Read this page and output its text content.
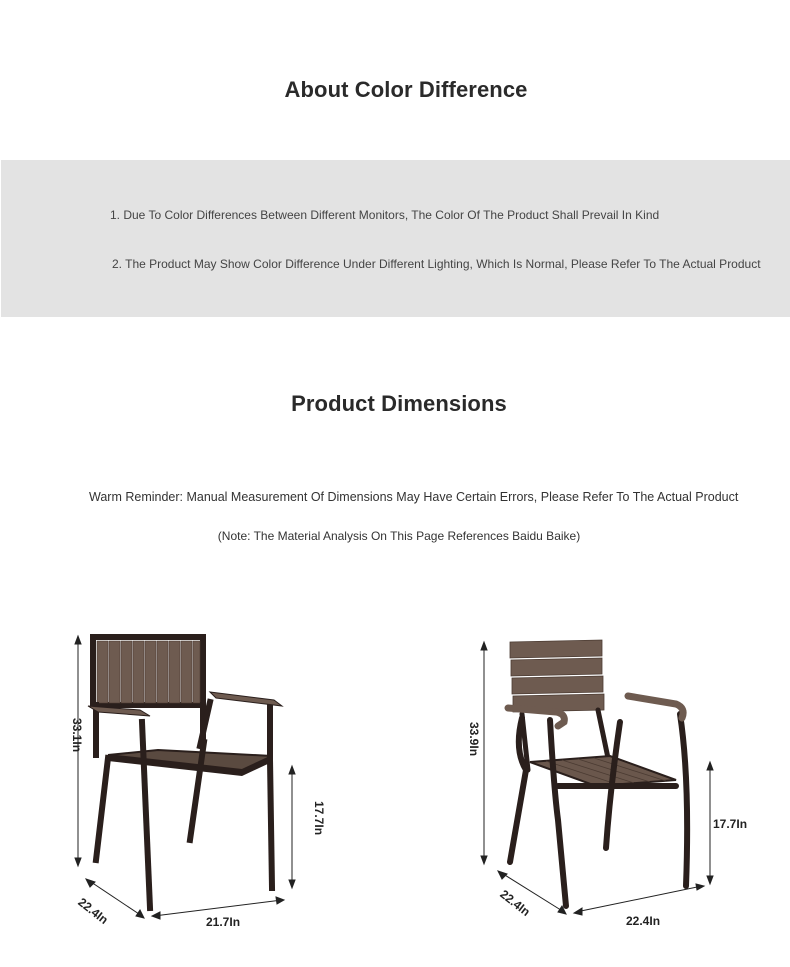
About Color Difference
1. Due To Color Differences Between Different Monitors, The Color Of The Product Shall Prevail In Kind
2. The Product May Show Color Difference Under Different Lighting, Which Is Normal, Please Refer To The Actual Product
Product Dimensions
Warm Reminder: Manual Measurement Of Dimensions May Have Certain Errors, Please Refer To The Actual Product
(Note: The Material Analysis On This Page References Baidu Baike)
33.1In
17.7In
22.4In	21.7In
33.9In
17.7In
22.4In
22.4In
